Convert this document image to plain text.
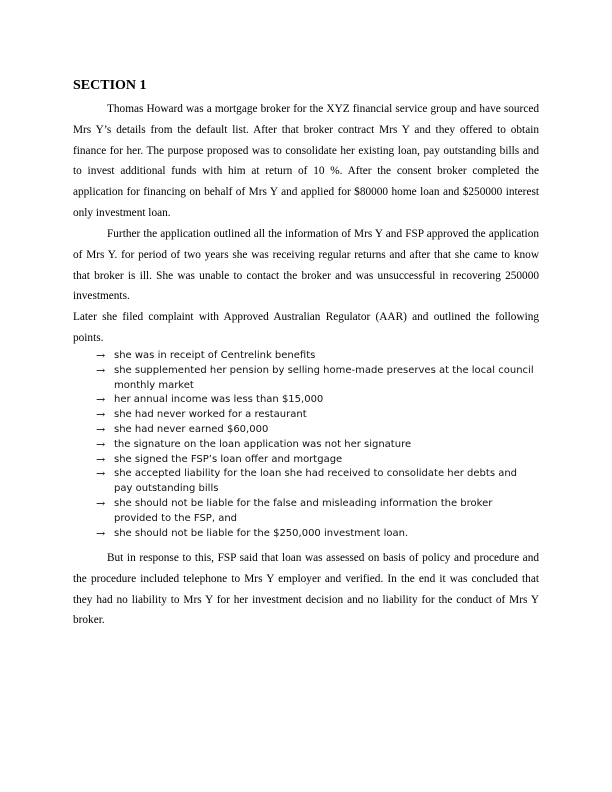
SECTION 1

Thomas Howard was a mortgage broker for the XYZ financial service group and have sourced Mrs Y’s details from the default list. After that broker contract Mrs Y and they offered to obtain finance for her. The purpose proposed was to consolidate her existing loan, pay outstanding bills and to invest additional funds with him at return of 10 %. After the consent broker completed the application for financing on behalf of Mrs Y and applied for $80000 home loan and $250000 interest only investment loan.

Further the application outlined all the information of Mrs Y and FSP approved the application of Mrs Y. for period of two years she was receiving regular returns and after that she came to know that broker is ill. She was unable to contact the broker and was unsuccessful in recovering 250000 investments.

Later she filed complaint with Approved Australian Regulator (AAR) and outlined the following points.

→ she was in receipt of Centrelink benefits
→ she supplemented her pension by selling home-made preserves at the local council monthly market
→ her annual income was less than $15,000
→ she had never worked for a restaurant
→ she had never earned $60,000
→ the signature on the loan application was not her signature
→ she signed the FSP’s loan offer and mortgage
→ she accepted liability for the loan she had received to consolidate her debts and pay outstanding bills
→ she should not be liable for the false and misleading information the broker provided to the FSP, and
→ she should not be liable for the $250,000 investment loan.

But in response to this, FSP said that loan was assessed on basis of policy and procedure and the procedure included telephone to Mrs Y employer and verified. In the end it was concluded that they had no liability to Mrs Y for her investment decision and no liability for the conduct of Mrs Y broker.
